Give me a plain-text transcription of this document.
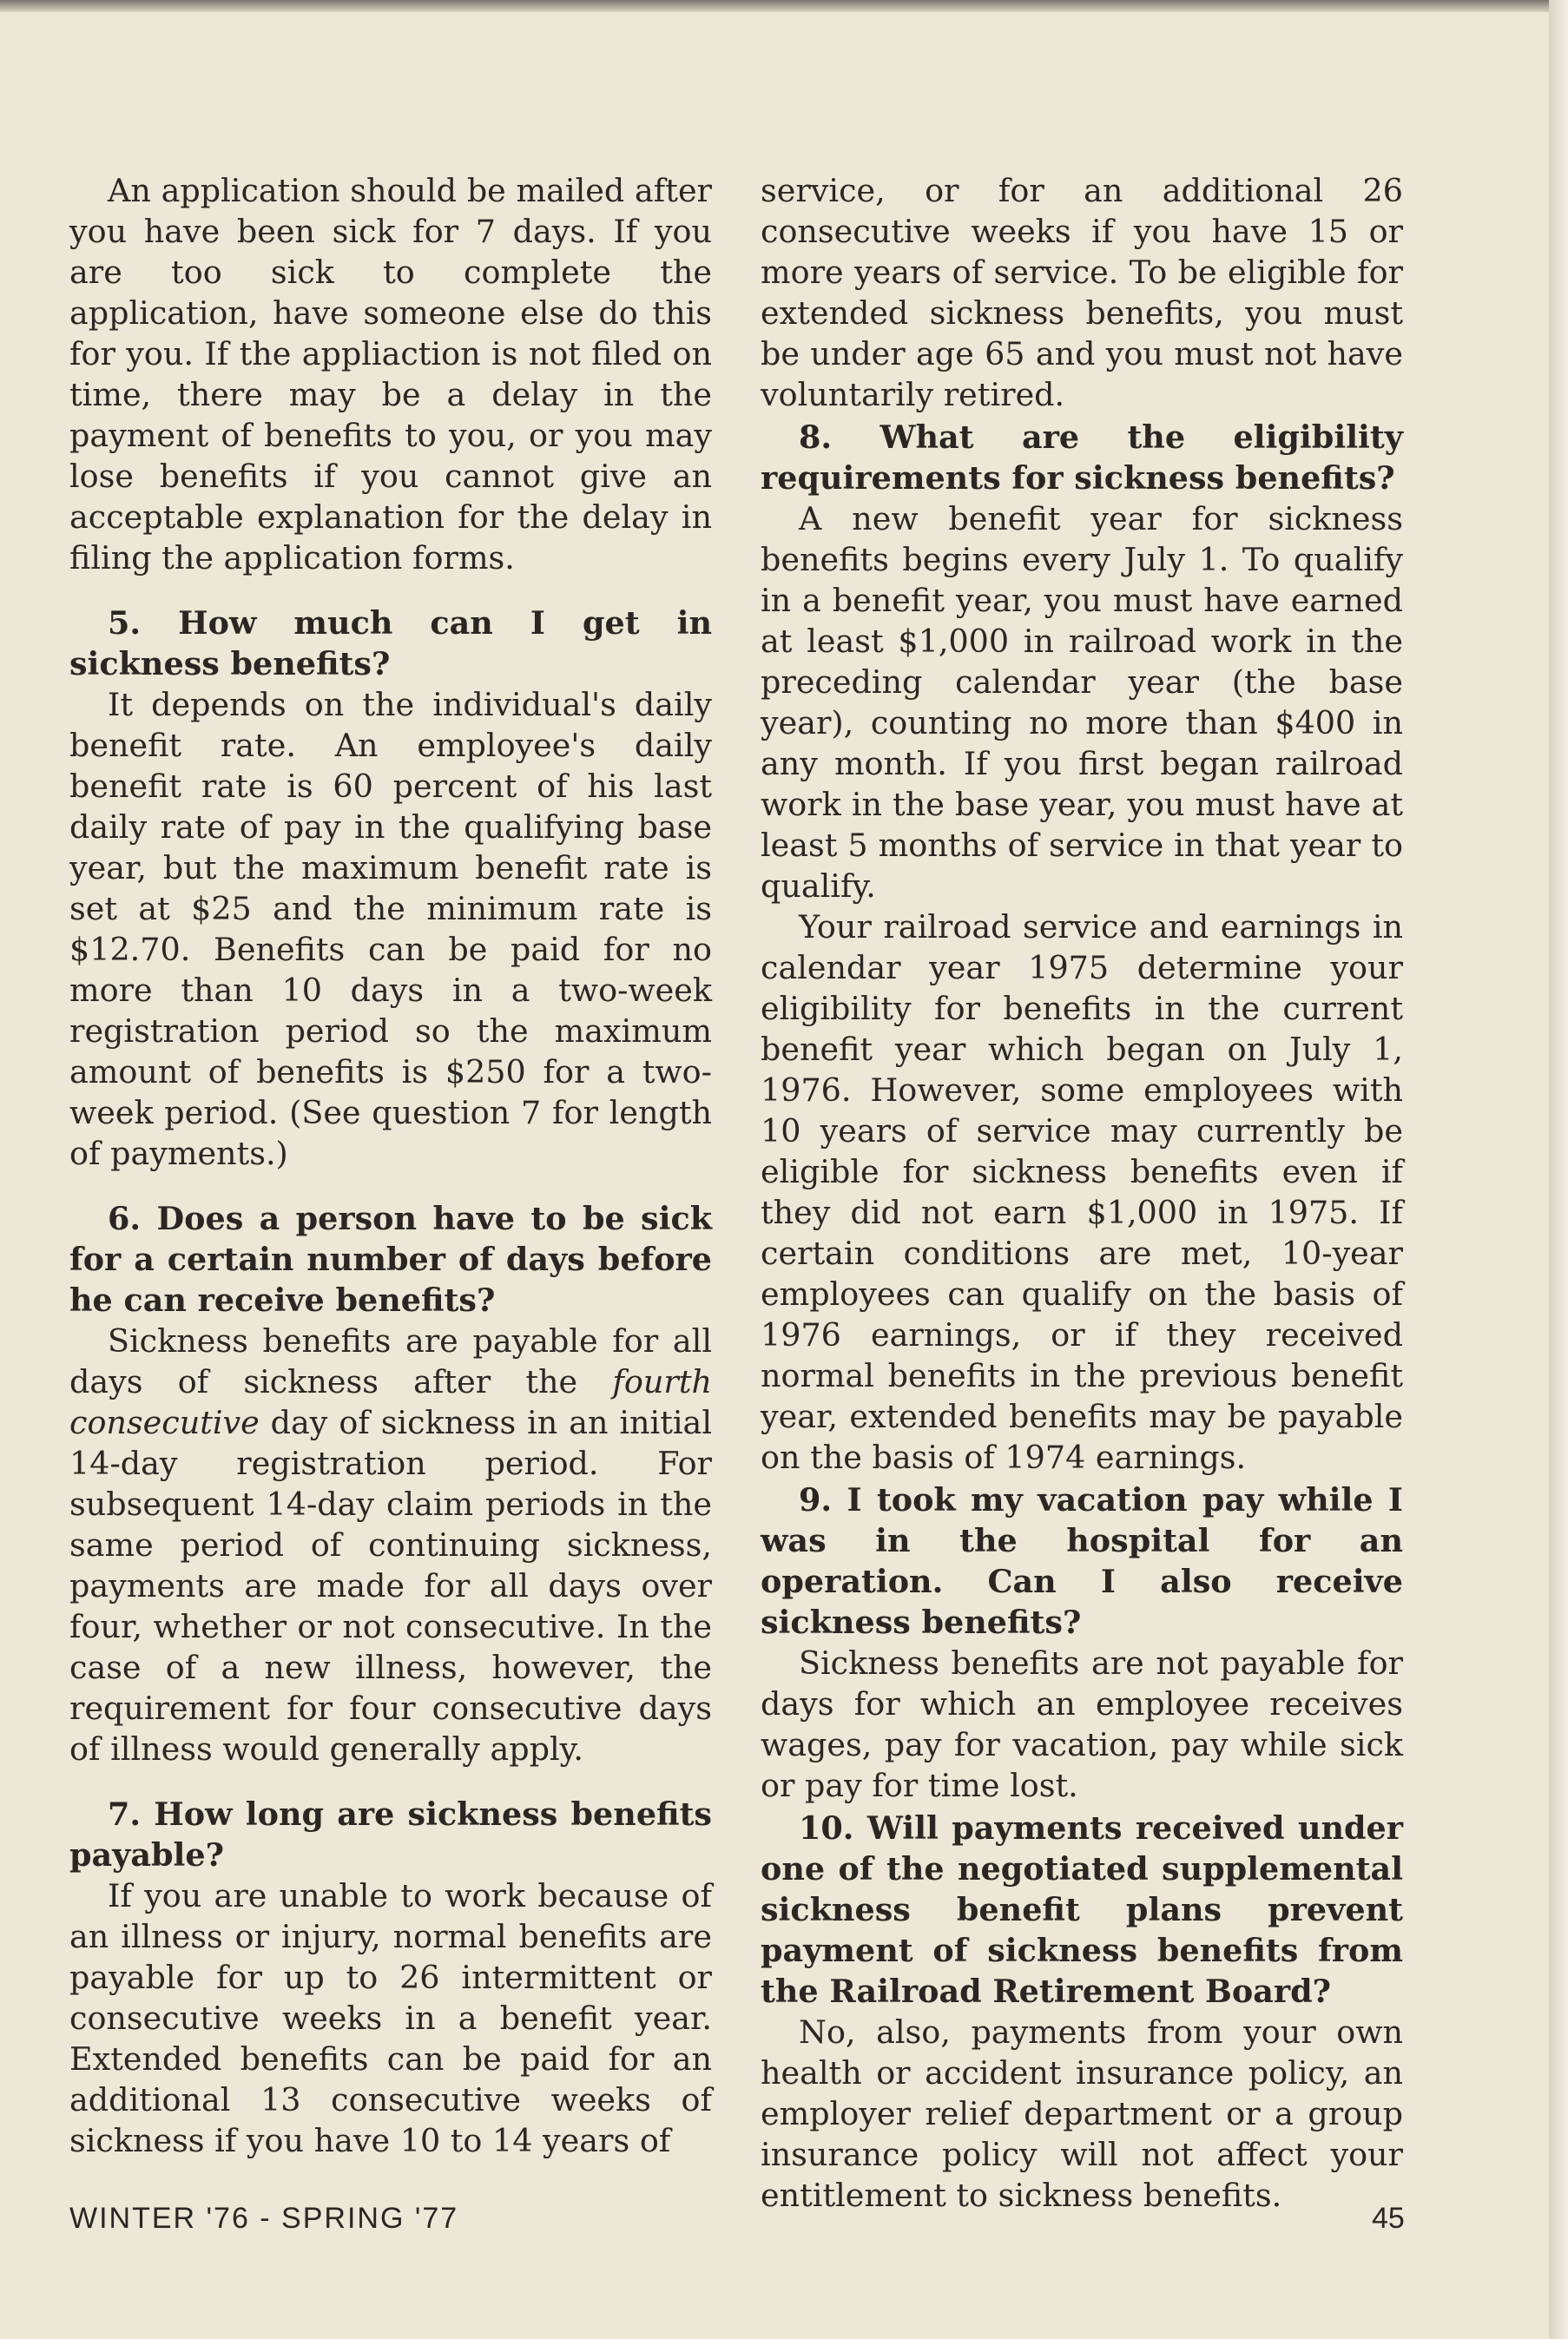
An application should be mailed after you have been sick for 7 days. If you are too sick to complete the application, have someone else do this for you. If the appliaction is not filed on time, there may be a delay in the payment of benefits to you, or you may lose benefits if you cannot give an acceptable explanation for the delay in filing the application forms.

5. How much can I get in sickness benefits?

It depends on the individual's daily benefit rate. An employee's daily benefit rate is 60 percent of his last daily rate of pay in the qualifying base year, but the maximum benefit rate is set at $25 and the minimum rate is $12.70. Benefits can be paid for no more than 10 days in a two-week registration period so the maximum amount of benefits is $250 for a two-week period. (See question 7 for length of payments.)

6. Does a person have to be sick for a certain number of days before he can receive benefits?

Sickness benefits are payable for all days of sickness after the fourth consecutive day of sickness in an initial 14-day registration period. For subsequent 14-day claim periods in the same period of continuing sickness, payments are made for all days over four, whether or not consecutive. In the case of a new illness, however, the requirement for four consecutive days of illness would generally apply.

7. How long are sickness benefits payable?

If you are unable to work because of an illness or injury, normal benefits are payable for up to 26 intermittent or consecutive weeks in a benefit year. Extended benefits can be paid for an additional 13 consecutive weeks of sickness if you have 10 to 14 years of

service, or for an additional 26 consecutive weeks if you have 15 or more years of service. To be eligible for extended sickness benefits, you must be under age 65 and you must not have voluntarily retired.

8. What are the eligibility requirements for sickness benefits?

A new benefit year for sickness benefits begins every July 1. To qualify in a benefit year, you must have earned at least $1,000 in railroad work in the preceding calendar year (the base year), counting no more than $400 in any month. If you first began railroad work in the base year, you must have at least 5 months of service in that year to qualify.

Your railroad service and earnings in calendar year 1975 determine your eligibility for benefits in the current benefit year which began on July 1, 1976. However, some employees with 10 years of service may currently be eligible for sickness benefits even if they did not earn $1,000 in 1975. If certain conditions are met, 10-year employees can qualify on the basis of 1976 earnings, or if they received normal benefits in the previous benefit year, extended benefits may be payable on the basis of 1974 earnings.

9. I took my vacation pay while I was in the hospital for an operation. Can I also receive sickness benefits?

Sickness benefits are not payable for days for which an employee receives wages, pay for vacation, pay while sick or pay for time lost.

10. Will payments received under one of the negotiated supplemental sickness benefit plans prevent payment of sickness benefits from the Railroad Retirement Board?

No, also, payments from your own health or accident insurance policy, an employer relief department or a group insurance policy will not affect your entitlement to sickness benefits.

WINTER '76 - SPRING '77	45
